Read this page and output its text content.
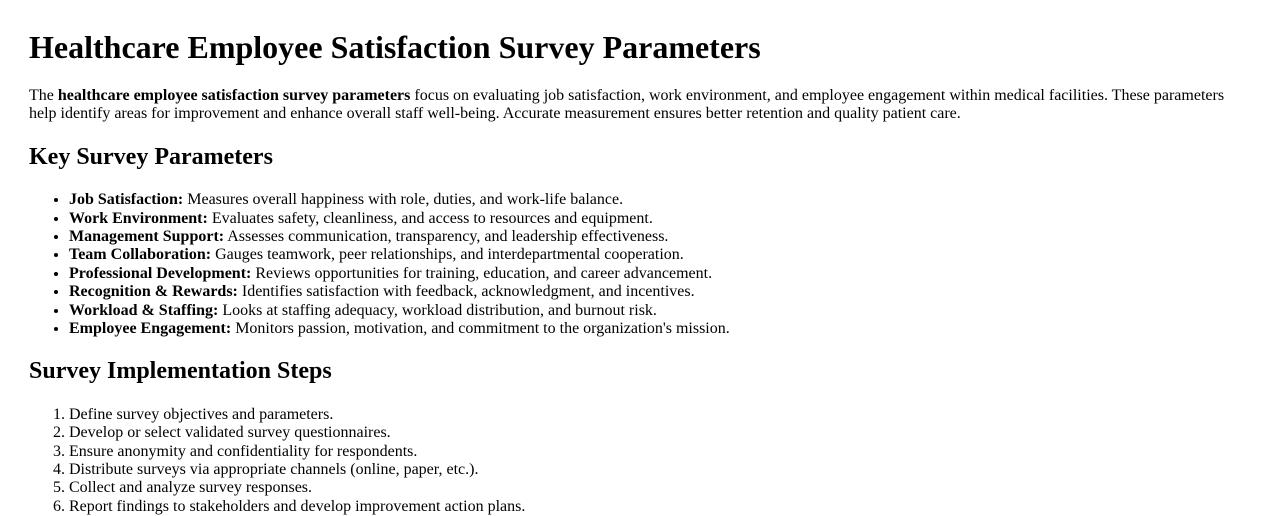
Healthcare Employee Satisfaction Survey Parameters

The healthcare employee satisfaction survey parameters focus on evaluating job satisfaction, work environment, and employee engagement within medical facilities. These parameters help identify areas for improvement and enhance overall staff well-being. Accurate measurement ensures better retention and quality patient care.

Key Survey Parameters
• Job Satisfaction: Measures overall happiness with role, duties, and work-life balance.
• Work Environment: Evaluates safety, cleanliness, and access to resources and equipment.
• Management Support: Assesses communication, transparency, and leadership effectiveness.
• Team Collaboration: Gauges teamwork, peer relationships, and interdepartmental cooperation.
• Professional Development: Reviews opportunities for training, education, and career advancement.
• Recognition & Rewards: Identifies satisfaction with feedback, acknowledgment, and incentives.
• Workload & Staffing: Looks at staffing adequacy, workload distribution, and burnout risk.
• Employee Engagement: Monitors passion, motivation, and commitment to the organization's mission.
Survey Implementation Steps
1. Define survey objectives and parameters.
2. Develop or select validated survey questionnaires.
3. Ensure anonymity and confidentiality for respondents.
4. Distribute surveys via appropriate channels (online, paper, etc.).
5. Collect and analyze survey responses.
6. Report findings to stakeholders and develop improvement action plans.
